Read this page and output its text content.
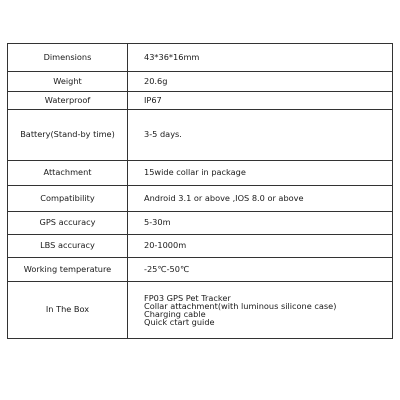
Dimensions	43*36*16mm
Weight	20.6g
Waterproof	IP67
Battery(Stand-by time)	3-5 days.
Attachment	15wide collar in package
Compatibility	Android 3.1 or above ,IOS 8.0 or above
GPS accuracy	5-30m
LBS accuracy	20-1000m
Working temperature	-25℃-50℃
In The Box	FP03 GPS Pet Tracker
Collar attachment(with luminous silicone case)
Charging cable
Quick ctart guide
